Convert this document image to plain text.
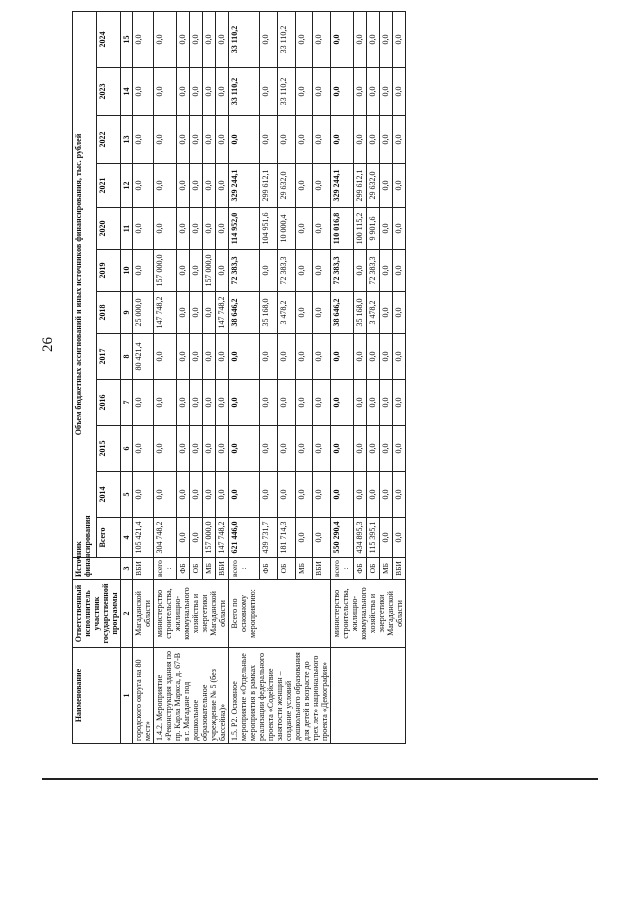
26
Наименование	Ответственный исполнитель участник государственной программы	Источник финансирования	Объем бюджетных ассигнований и иных источников финансирования, тыс. рублей											
			Всего	2014	2015	2016	2017	2018	2019	2020	2021	2022	2023	2024
1	2	3	4	5	6	7	8	9	10	11	12	13	14	15
городского округа на 80 мест»	Магаданской области	ВБИ	105 421,4	0,0	0,0	0,0	80 421,4	25 000,0	0,0	0,0	0,0	0,0	0,0	0,0
1.4.2. Мероприятие «Реконструкция здания по пр. Карла Маркса, д. 67-В в г. Магадане под дошкольное образовательное учреждение № 5 (без бассейна)»	министерство строительства, жилищно-коммунального хозяйства и энергетики Магаданской области	всего :	304 748,2	0,0	0,0	0,0	0,0	147 748,2	157 000,0	0,0	0,0	0,0	0,0	0,0
		ФБ	0,0	0,0	0,0	0,0	0,0	0,0	0,0	0,0	0,0	0,0	0,0	0,0
		ОБ	0,0	0,0	0,0	0,0	0,0	0,0	0,0	0,0	0,0	0,0	0,0	0,0
		МБ	157 000,0	0,0	0,0	0,0	0,0	0,0	157 000,0	0,0	0,0	0,0	0,0	0,0
		ВБИ	147 748,2	0,0	0,0	0,0	0,0	147 748,2	0,0	0,0	0,0	0,0	0,0	0,0
1.5. Р2. Основное мероприятие «Отдельные мероприятия в рамках реализации федерального проекта «Содействие занятости женщин – создание условий дошкольного образования для детей в возрасте до трех лет» национального проекта «Демография»	Всего по основному мероприятию:	всего :	621 446,0	0,0	0,0	0,0	0,0	38 646,2	72 383,3	114 952,0	329 244,1	0,0	33 110,2	33 110,2
		ФБ	439 731,7	0,0	0,0	0,0	0,0	35 168,0	0,0	104 951,6	299 612,1	0,0	0,0	0,0
		ОБ	181 714,3	0,0	0,0	0,0	0,0	3 478,2	72 383,3	10 000,4	29 632,0	0,0	33 110,2	33 110,2
		МБ	0,0	0,0	0,0	0,0	0,0	0,0	0,0	0,0	0,0	0,0	0,0	0,0
		ВБИ	0,0	0,0	0,0	0,0	0,0	0,0	0,0	0,0	0,0	0,0	0,0	0,0
	министерство строительства, жилищно-коммунального хозяйства и энергетики Магаданской области	всего :	550 290,4	0,0	0,0	0,0	0,0	38 646,2	72 383,3	110 016,8	329 244,1	0,0	0,0	0,0
		ФБ	434 895,3	0,0	0,0	0,0	0,0	35 168,0	0,0	100 115,2	299 612,1	0,0	0,0	0,0
		ОБ	115 395,1	0,0	0,0	0,0	0,0	3 478,2	72 383,3	9 901,6	29 632,0	0,0	0,0	0,0
		МБ	0,0	0,0	0,0	0,0	0,0	0,0	0,0	0,0	0,0	0,0	0,0	0,0
		ВБИ	0,0	0,0	0,0	0,0	0,0	0,0	0,0	0,0	0,0	0,0	0,0	0,0
